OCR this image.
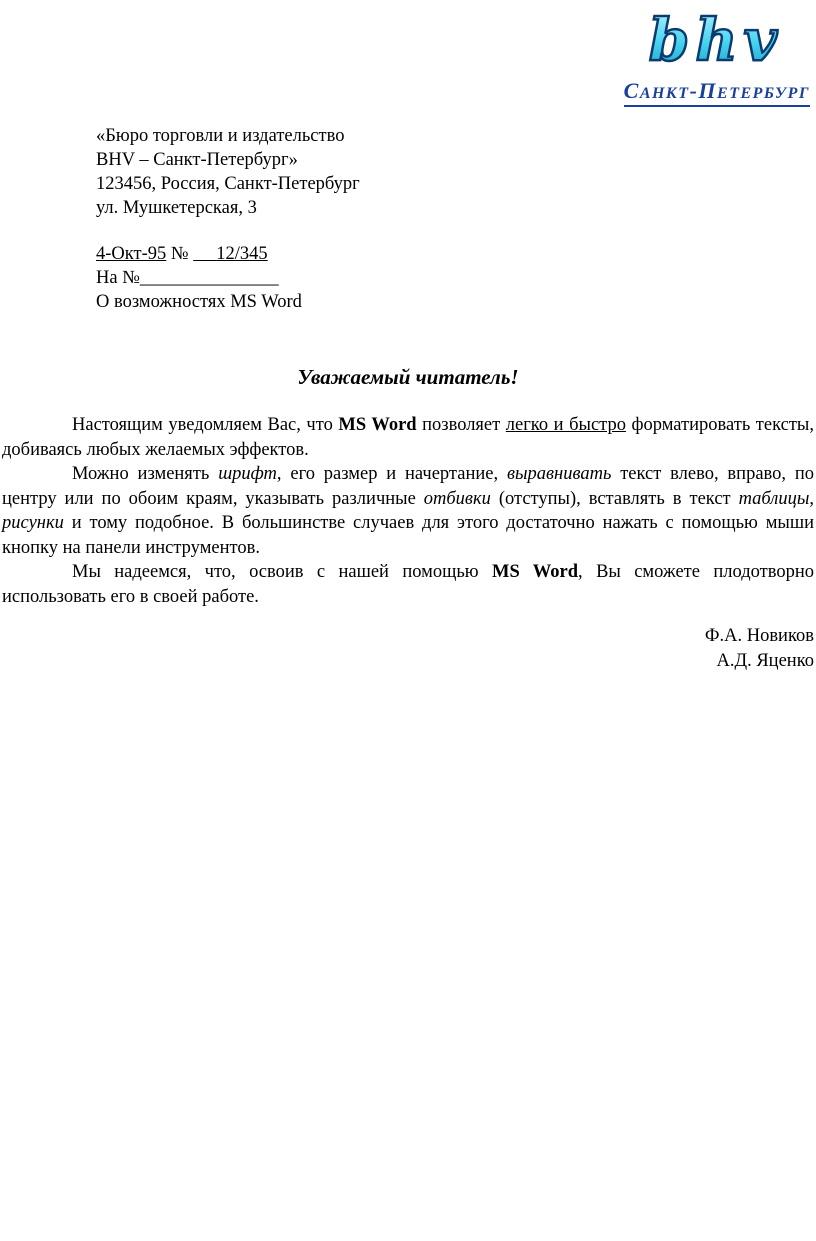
bhv
САНКТ-ПЕТЕРБУРГ
«Бюро торговли и издательство
BHV – Санкт-Петербург»
123456, Россия, Санкт-Петербург
ул. Мушкетерская, 3
4-Окт-95 № 12/345
На №_______________
О возможностях MS Word
Уважаемый читатель!

Настоящим уведомляем Вас, что MS Word позволяет легко и быстро форматировать тексты, добиваясь любых желаемых эффектов.

Можно изменять шрифт, его размер и начертание, выравнивать текст влево, вправо, по центру или по обоим краям, указывать различные отбивки (отступы), вставлять в текст таблицы, рисунки и тому подобное. В большинстве случаев для этого достаточно нажать с помощью мыши кнопку на панели инструментов.

Мы надеемся, что, освоив с нашей помощью MS Word, Вы сможете плодотворно использовать его в своей работе.

Ф.А. Новиков
А.Д. Яценко
